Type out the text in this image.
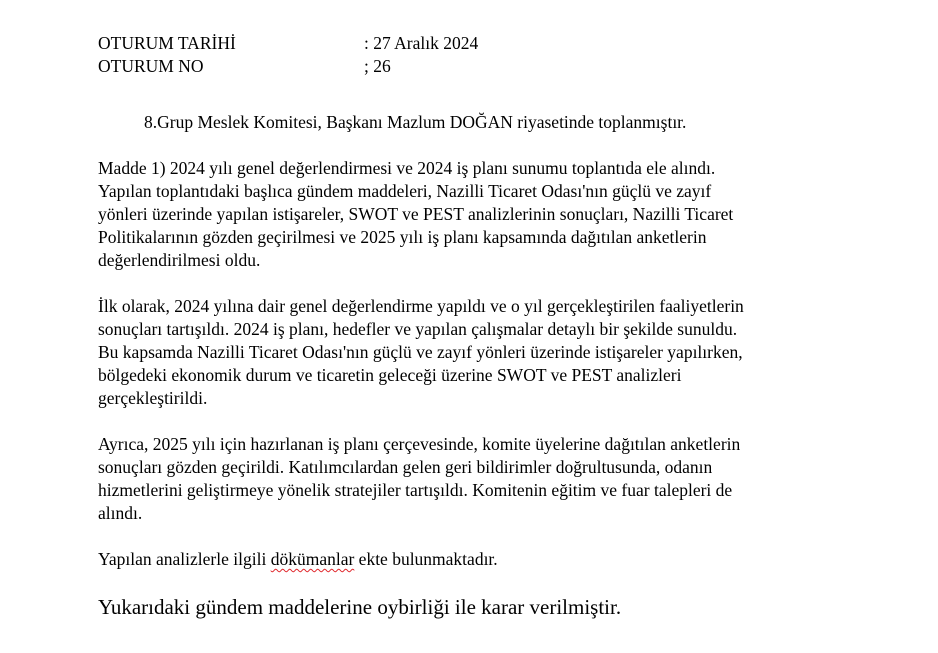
OTURUM TARİHİ	: 27 Aralık 2024
OTURUM NO	; 26
8.Grup Meslek Komitesi, Başkanı Mazlum DOĞAN riyasetinde toplanmıştır.

Madde 1) 2024 yılı genel değerlendirmesi ve 2024 iş planı sunumu toplantıda ele alındı.
Yapılan toplantıdaki başlıca gündem maddeleri, Nazilli Ticaret Odası'nın güçlü ve zayıf
yönleri üzerinde yapılan istişareler, SWOT ve PEST analizlerinin sonuçları, Nazilli Ticaret
Politikalarının gözden geçirilmesi ve 2025 yılı iş planı kapsamında dağıtılan anketlerin
değerlendirilmesi oldu.

İlk olarak, 2024 yılına dair genel değerlendirme yapıldı ve o yıl gerçekleştirilen faaliyetlerin
sonuçları tartışıldı. 2024 iş planı, hedefler ve yapılan çalışmalar detaylı bir şekilde sunuldu.
Bu kapsamda Nazilli Ticaret Odası'nın güçlü ve zayıf yönleri üzerinde istişareler yapılırken,
bölgedeki ekonomik durum ve ticaretin geleceği üzerine SWOT ve PEST analizleri
gerçekleştirildi.

Ayrıca, 2025 yılı için hazırlanan iş planı çerçevesinde, komite üyelerine dağıtılan anketlerin
sonuçları gözden geçirildi. Katılımcılardan gelen geri bildirimler doğrultusunda, odanın
hizmetlerini geliştirmeye yönelik stratejiler tartışıldı. Komitenin eğitim ve fuar talepleri de
alındı.

Yapılan analizlerle ilgili dökümanlar ekte bulunmaktadır.

Yukarıdaki gündem maddelerine oybirliği ile karar verilmiştir.
